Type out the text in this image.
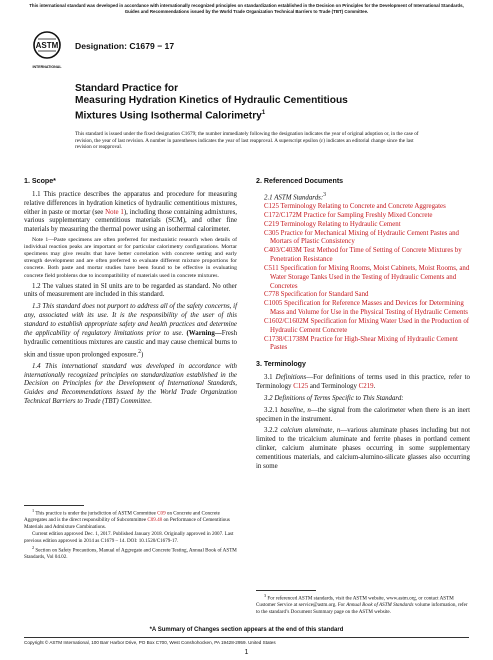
This international standard was developed in accordance with internationally recognized principles on standardization established in the Decision on Principles for the Development of International Standards, Guides and Recommendations issued by the World Trade Organization Technical Barriers to Trade (TBT) Committee.
ASTM
INTERNATIONAL
Designation: C1679 − 17
Standard Practice for
Measuring Hydration Kinetics of Hydraulic Cementitious
Mixtures Using Isothermal Calorimetry$^1$
This standard is issued under the fixed designation C1679; the number immediately following the designation indicates the year of original adoption or, in the case of revision, the year of last revision. A number in parentheses indicates the year of last reapproval. A superscript epsilon (ε) indicates an editorial change since the last revision or reapproval.

1. Scope*

1.1 This practice describes the apparatus and procedure for measuring relative differences in hydration kinetics of hydraulic cementitious mixtures, either in paste or mortar (see Note 1), including those containing admixtures, various supplementary cementitious materials (SCM), and other fine materials by measuring the thermal power using an isothermal calorimeter.

Note 1—Paste specimens are often preferred for mechanistic research when details of individual reaction peaks are important or for particular calorimetry configurations. Mortar specimens may give results that have better correlation with concrete setting and early strength development and are often preferred to evaluate different mixture proportions for concrete. Both paste and mortar studies have been found to be effective in evaluating concrete field problems due to incompatibility of materials used in concrete mixtures.

1.2 The values stated in SI units are to be regarded as standard. No other units of measurement are included in this standard.

1.3 This standard does not purport to address all of the safety concerns, if any, associated with its use. It is the responsibility of the user of this standard to establish appropriate safety and health practices and determine the applicability of regulatory limitations prior to use. (Warning—Fresh hydraulic cementitious mixtures are caustic and may cause chemical burns to skin and tissue upon prolonged exposure.$^2$)

1.4 This international standard was developed in accordance with internationally recognized principles on standardization established in the Decision on Principles for the Development of International Standards, Guides and Recommendations issued by the World Trade Organization Technical Barriers to Trade (TBT) Committee.

$^1$ This practice is under the jurisdiction of ASTM Committee C09 on Concrete and Concrete Aggregates and is the direct responsibility of Subcommittee C09.48 on Performance of Cementitious Materials and Admixture Combinations.

Current edition approved Dec. 1, 2017. Published January 2018. Originally approved in 2007. Last previous edition approved in 2014 as C1679 – 14. DOI: 10.1520/C1679-17.

$^2$ Section on Safety Precautions, Manual of Aggregate and Concrete Testing, Annual Book of ASTM Standards, Vol 04.02.

2. Referenced Documents

2.1 ASTM Standards:$^3$

C125 Terminology Relating to Concrete and Concrete Aggregates

C172/C172M Practice for Sampling Freshly Mixed Concrete

C219 Terminology Relating to Hydraulic Cement

C305 Practice for Mechanical Mixing of Hydraulic Cement Pastes and Mortars of Plastic Consistency

C403/C403M Test Method for Time of Setting of Concrete Mixtures by Penetration Resistance

C511 Specification for Mixing Rooms, Moist Cabinets, Moist Rooms, and Water Storage Tanks Used in the Testing of Hydraulic Cements and Concretes

C778 Specification for Standard Sand

C1005 Specification for Reference Masses and Devices for Determining Mass and Volume for Use in the Physical Testing of Hydraulic Cements

C1602/C1602M Specification for Mixing Water Used in the Production of Hydraulic Cement Concrete

C1738/C1738M Practice for High-Shear Mixing of Hydraulic Cement Pastes

3. Terminology

3.1 Definitions—For definitions of terms used in this practice, refer to Terminology C125 and Terminology C219.

3.2 Definitions of Terms Specific to This Standard:

3.2.1 baseline, n—the signal from the calorimeter when there is an inert specimen in the instrument.

3.2.2 calcium aluminate, n—various aluminate phases including but not limited to the tricalcium aluminate and ferrite phases in portland cement clinker, calcium aluminate phases occurring in some supplementary cementitious materials, and calcium-alumino-silicate glasses also occurring in some

$^3$ For referenced ASTM standards, visit the ASTM website, www.astm.org, or contact ASTM Customer Service at service@astm.org. For Annual Book of ASTM Standards volume information, refer to the standard’s Document Summary page on the ASTM website.

*A Summary of Changes section appears at the end of this standard
Copyright © ASTM International, 100 Barr Harbor Drive, PO Box C700, West Conshohocken, PA 19428-2959. United States
1
